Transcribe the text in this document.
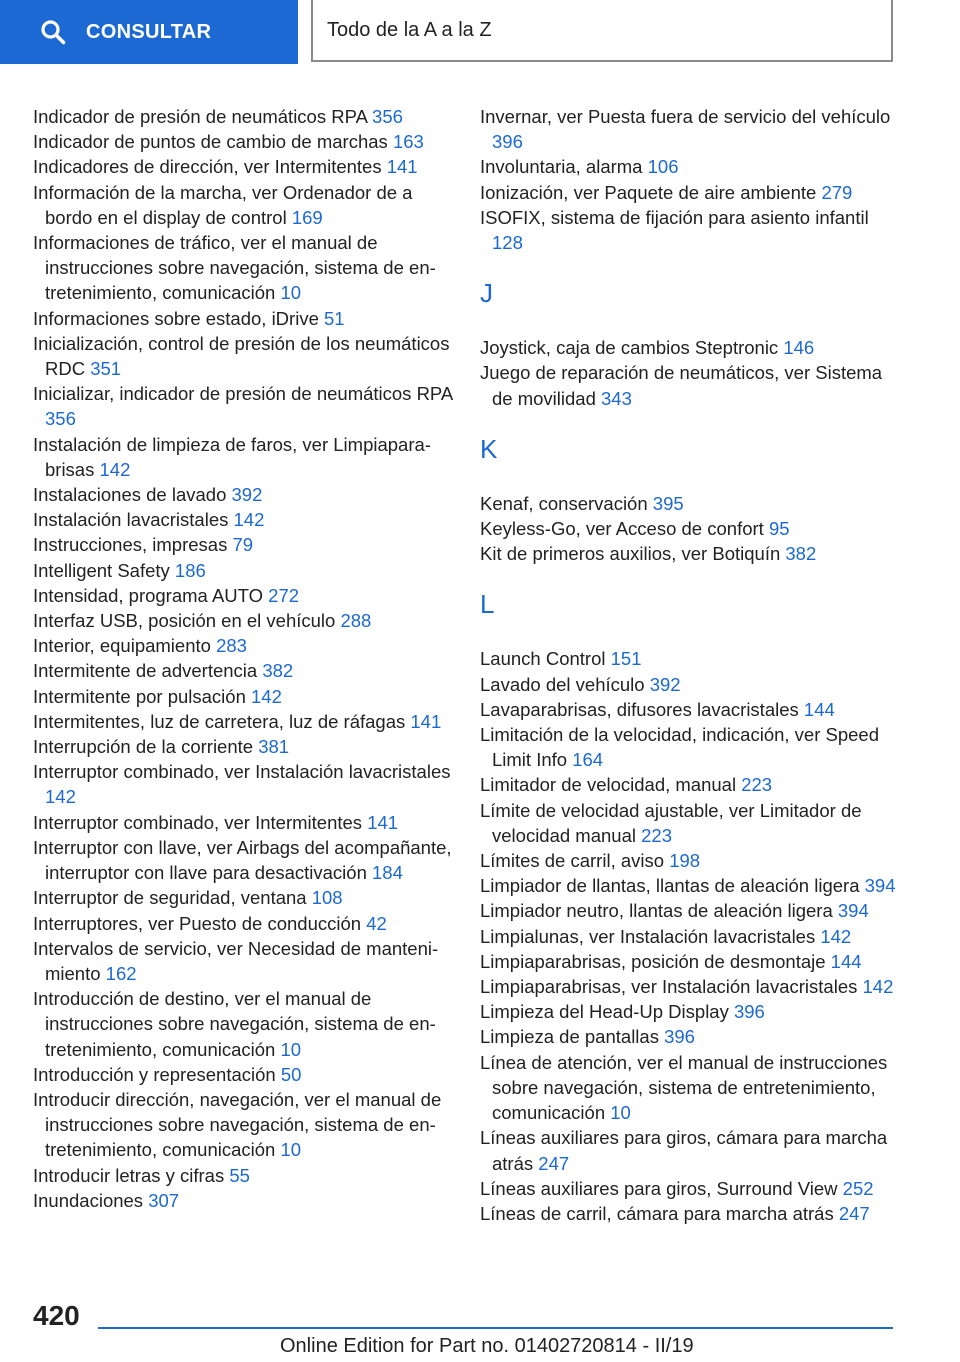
CONSULTAR	Todo de la A a la Z

Indicador de presión de neumáticos RPA 356

Indicador de puntos de cambio de marchas 163

Indicadores de dirección, ver Intermitentes 141

Información de la marcha, ver Ordenador de a bordo en el display de control 169

Informaciones de tráfico, ver el manual de instrucciones sobre navegación, sistema de entretenimiento, comunicación 10

Informaciones sobre estado, iDrive 51

Inicialización, control de presión de los neumáticos RDC 351

Inicializar, indicador de presión de neumáticos RPA 356

Instalación de limpieza de faros, ver Limpiaparabrisas 142

Instalaciones de lavado 392

Instalación lavacristales 142

Instrucciones, impresas 79

Intelligent Safety 186

Intensidad, programa AUTO 272

Interfaz USB, posición en el vehículo 288

Interior, equipamiento 283

Intermitente de advertencia 382

Intermitente por pulsación 142

Intermitentes, luz de carretera, luz de ráfagas 141

Interrupción de la corriente 381

Interruptor combinado, ver Instalación lavacristales 142

Interruptor combinado, ver Intermitentes 141

Interruptor con llave, ver Airbags del acompañante, interruptor con llave para desactivación 184

Interruptor de seguridad, ventana 108

Interruptores, ver Puesto de conducción 42

Intervalos de servicio, ver Necesidad de mantenimiento 162

Introducción de destino, ver el manual de instrucciones sobre navegación, sistema de entretenimiento, comunicación 10

Introducción y representación 50

Introducir dirección, navegación, ver el manual de instrucciones sobre navegación, sistema de entretenimiento, comunicación 10

Introducir letras y cifras 55

Inundaciones 307

Invernar, ver Puesta fuera de servicio del vehículo 396

Involuntaria, alarma 106

Ionización, ver Paquete de aire ambiente 279

ISOFIX, sistema de fijación para asiento infantil 128

J

Joystick, caja de cambios Steptronic 146

Juego de reparación de neumáticos, ver Sistema de movilidad 343

K

Kenaf, conservación 395

Keyless-Go, ver Acceso de confort 95

Kit de primeros auxilios, ver Botiquín 382

L

Launch Control 151

Lavado del vehículo 392

Lavaparabrisas, difusores lavacristales 144

Limitación de la velocidad, indicación, ver Speed Limit Info 164

Limitador de velocidad, manual 223

Límite de velocidad ajustable, ver Limitador de velocidad manual 223

Límites de carril, aviso 198

Limpiador de llantas, llantas de aleación ligera 394

Limpiador neutro, llantas de aleación ligera 394

Limpialunas, ver Instalación lavacristales 142

Limpiaparabrisas, posición de desmontaje 144

Limpiaparabrisas, ver Instalación lavacristales 142

Limpieza del Head-Up Display 396

Limpieza de pantallas 396

Línea de atención, ver el manual de instrucciones sobre navegación, sistema de entretenimiento, comunicación 10

Líneas auxiliares para giros, cámara para marcha atrás 247

Líneas auxiliares para giros, Surround View 252

Líneas de carril, cámara para marcha atrás 247

420
Online Edition for Part no. 01402720814 - II/19
